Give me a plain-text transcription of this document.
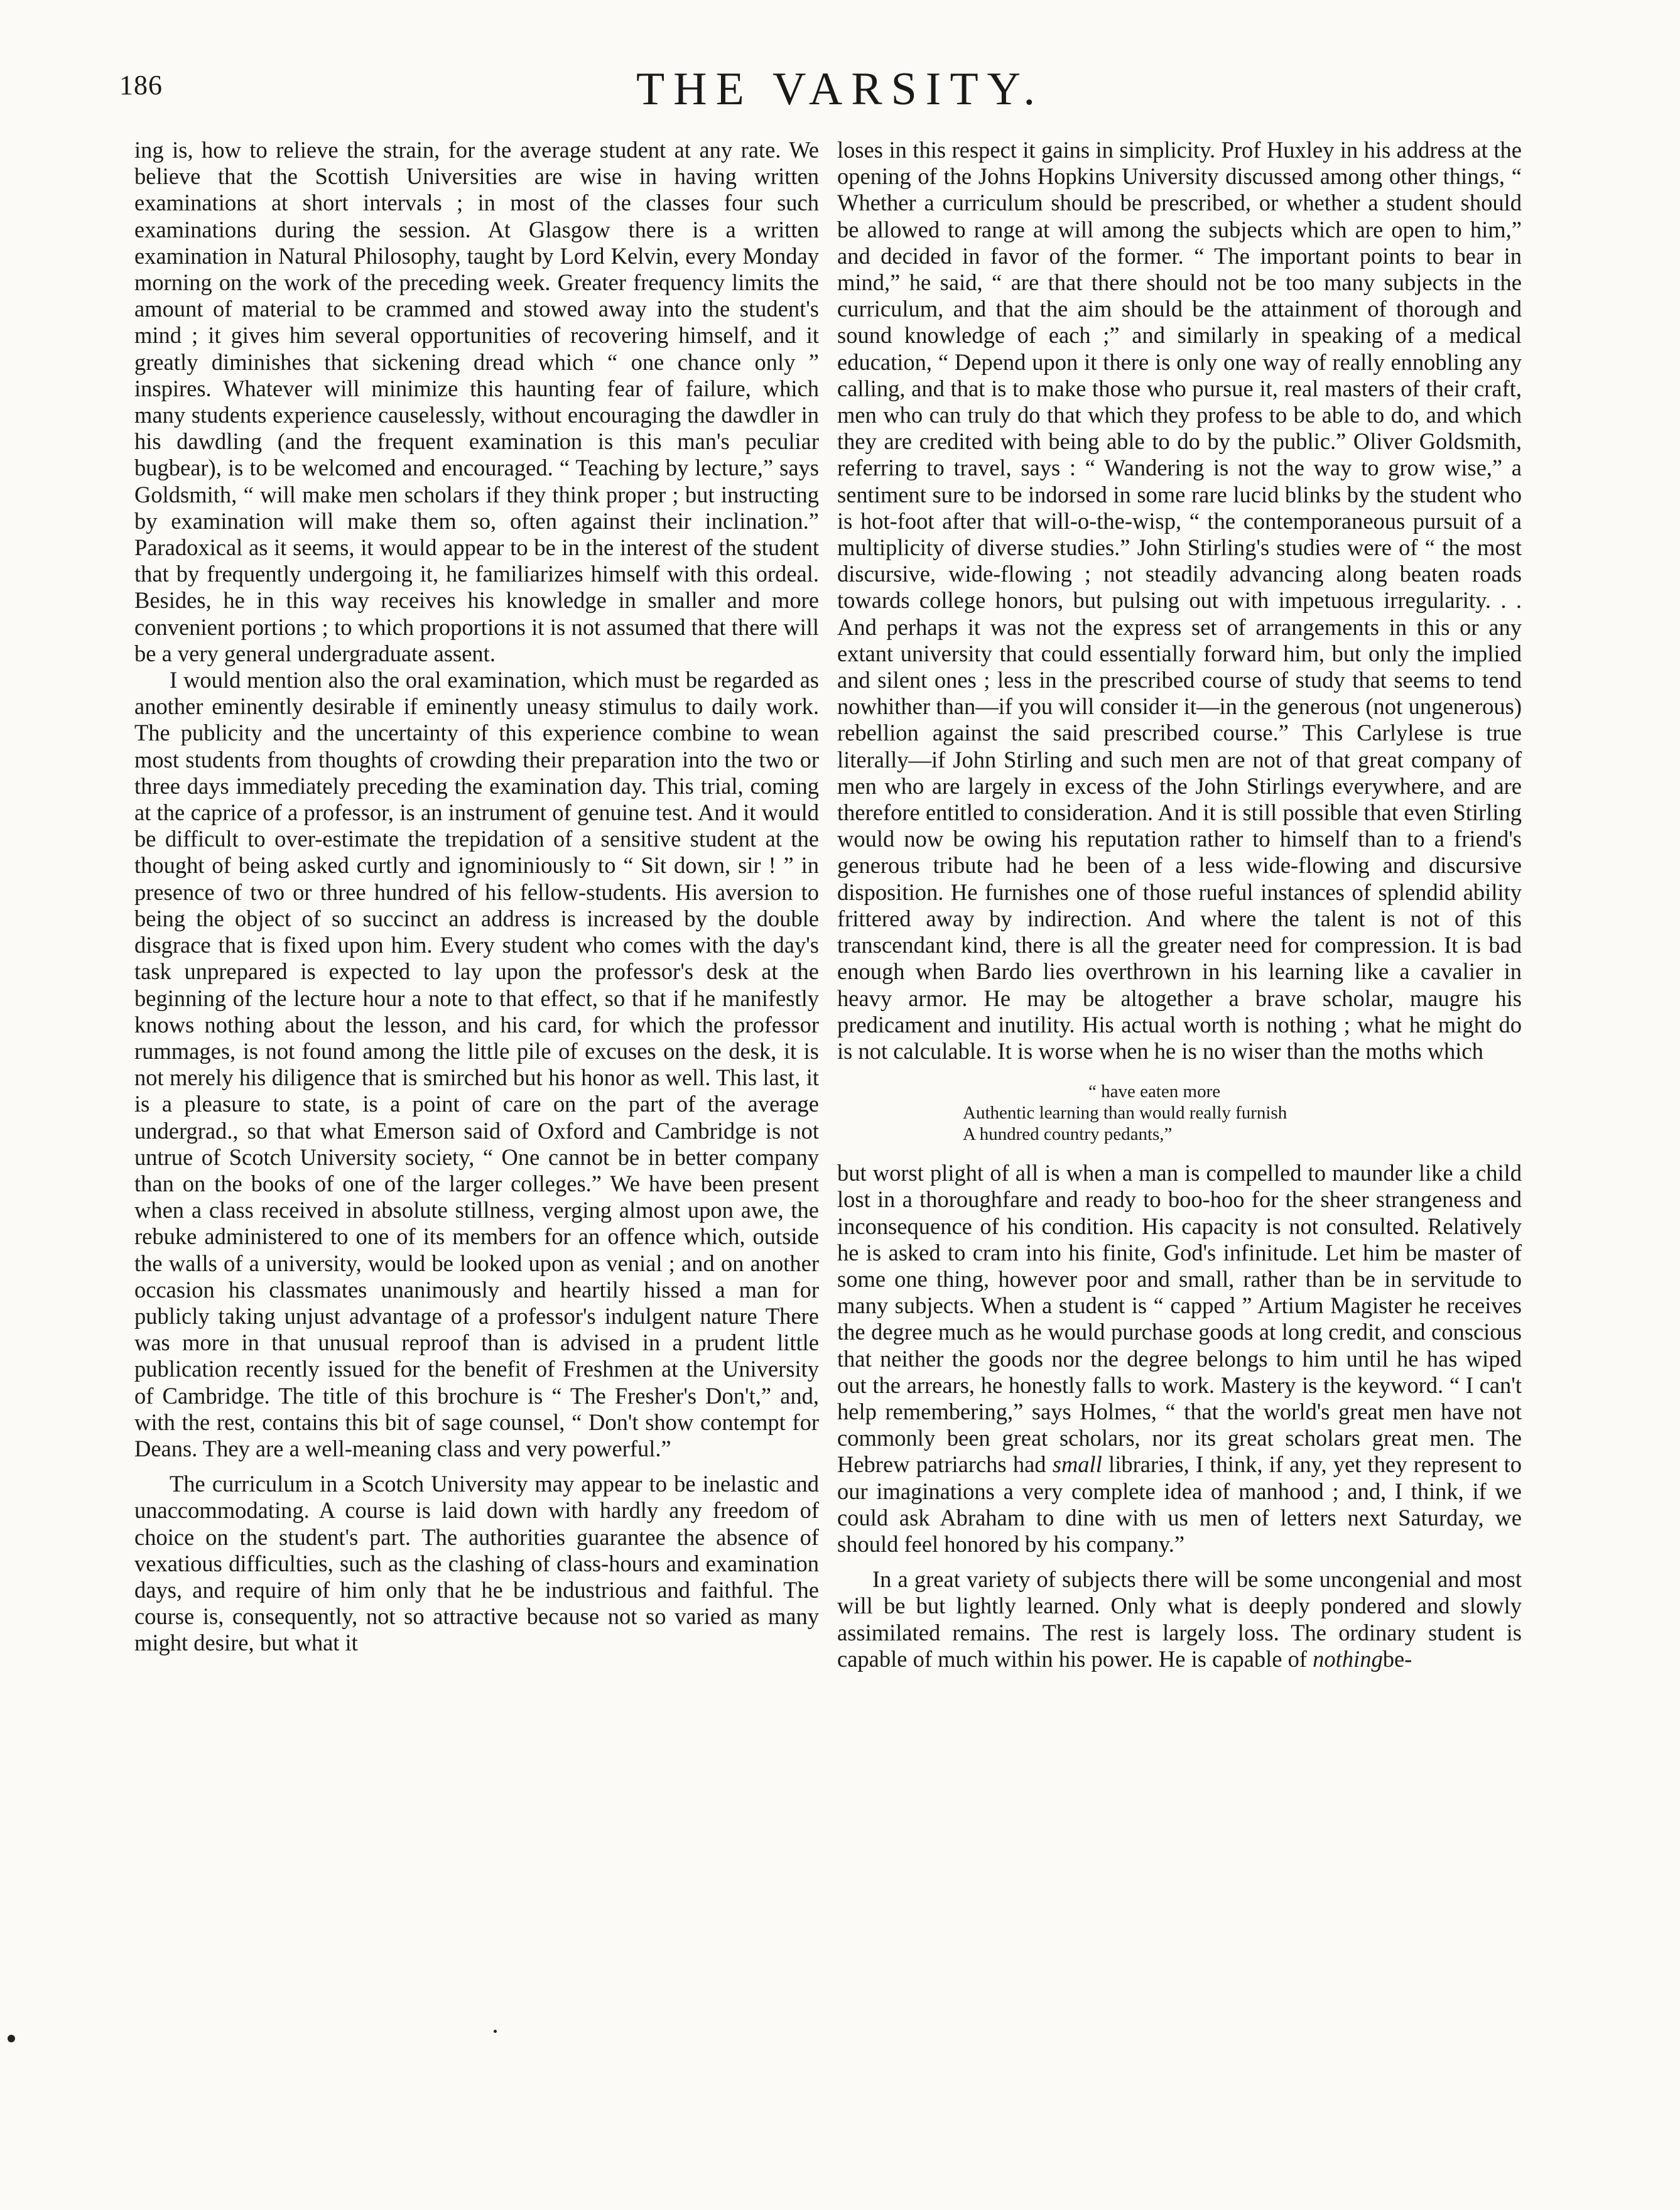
186	THE VARSITY.

ing is, how to relieve the strain, for the average student at any rate. We believe that the Scottish Universities are wise in having written examinations at short intervals ; in most of the classes four such examinations during the session. At Glasgow there is a written examination in Natural Philosophy, taught by Lord Kelvin, every Monday morning on the work of the preceding week. Greater frequency limits the amount of material to be crammed and stowed away into the student's mind ; it gives him several opportunities of recovering himself, and it greatly diminishes that sickening dread which “ one chance only ” inspires. Whatever will minimize this haunting fear of failure, which many students experience causelessly, without encouraging the dawdler in his dawdling (and the frequent examination is this man's peculiar bugbear), is to be welcomed and encouraged. “ Teaching by lecture,” says Goldsmith, “ will make men scholars if they think proper ; but instructing by examination will make them so, often against their inclination.” Paradoxical as it seems, it would appear to be in the interest of the student that by frequently undergoing it, he familiarizes himself with this ordeal. Besides, he in this way receives his knowledge in smaller and more convenient portions ; to which proportions it is not assumed that there will be a very general undergraduate assent.

I would mention also the oral examination, which must be regarded as another eminently desirable if eminently uneasy stimulus to daily work. The publicity and the uncertainty of this experience combine to wean most students from thoughts of crowding their preparation into the two or three days immediately preceding the examination day. This trial, coming at the caprice of a professor, is an instrument of genuine test. And it would be difficult to over-estimate the trepidation of a sensitive student at the thought of being asked curtly and ignominiously to “ Sit down, sir ! ” in presence of two or three hundred of his fellow-students. His aversion to being the object of so succinct an address is increased by the double disgrace that is fixed upon him. Every student who comes with the day's task unprepared is expected to lay upon the professor's desk at the beginning of the lecture hour a note to that effect, so that if he manifestly knows nothing about the lesson, and his card, for which the professor rummages, is not found among the little pile of excuses on the desk, it is not merely his diligence that is smirched but his honor as well. This last, it is a pleasure to state, is a point of care on the part of the average undergrad., so that what Emerson said of Oxford and Cambridge is not untrue of Scotch University society, “ One cannot be in better company than on the books of one of the larger colleges.” We have been present when a class received in absolute stillness, verging almost upon awe, the rebuke administered to one of its members for an offence which, outside the walls of a university, would be looked upon as venial ; and on another occasion his classmates unanimously and heartily hissed a man for publicly taking unjust advantage of a professor's indulgent nature There was more in that unusual reproof than is advised in a prudent little publication recently issued for the benefit of Freshmen at the University of Cambridge. The title of this brochure is “ The Fresher's Don't,” and, with the rest, contains this bit of sage counsel, “ Don't show contempt for Deans. They are a well-meaning class and very powerful.”

The curriculum in a Scotch University may appear to be inelastic and unaccommodating. A course is laid down with hardly any freedom of choice on the student's part. The authorities guarantee the absence of vexatious difficulties, such as the clashing of class-hours and examination days, and require of him only that he be industrious and faithful. The course is, consequently, not so attractive because not so varied as many might desire, but what it

loses in this respect it gains in simplicity. Prof Huxley in his address at the opening of the Johns Hopkins University discussed among other things, “ Whether a curriculum should be prescribed, or whether a student should be allowed to range at will among the subjects which are open to him,” and decided in favor of the former. “ The important points to bear in mind,” he said, “ are that there should not be too many subjects in the curriculum, and that the aim should be the attainment of thorough and sound knowledge of each ;” and similarly in speaking of a medical education, “ Depend upon it there is only one way of really ennobling any calling, and that is to make those who pursue it, real masters of their craft, men who can truly do that which they profess to be able to do, and which they are credited with being able to do by the public.” Oliver Goldsmith, referring to travel, says : “ Wandering is not the way to grow wise,” a sentiment sure to be indorsed in some rare lucid blinks by the student who is hot-foot after that will-o-the-wisp, “ the contemporaneous pursuit of a multiplicity of diverse studies.” John Stirling's studies were of “ the most discursive, wide-flowing ; not steadily advancing along beaten roads towards college honors, but pulsing out with impetuous irregularity. . . And perhaps it was not the express set of arrangements in this or any extant university that could essentially forward him, but only the implied and silent ones ; less in the prescribed course of study that seems to tend nowhither than—if you will consider it—in the generous (not ungenerous) rebellion against the said prescribed course.” This Carlylese is true literally—if John Stirling and such men are not of that great company of men who are largely in excess of the John Stirlings everywhere, and are therefore entitled to consideration. And it is still possible that even Stirling would now be owing his reputation rather to himself than to a friend's generous tribute had he been of a less wide-flowing and discursive disposition. He furnishes one of those rueful instances of splendid ability frittered away by indirection. And where the talent is not of this transcendant kind, there is all the greater need for compression. It is bad enough when Bardo lies overthrown in his learning like a cavalier in heavy armor. He may be altogether a brave scholar, maugre his predicament and inutility. His actual worth is nothing ; what he might do is not calculable. It is worse when he is no wiser than the moths which

“ have eaten more
Authentic learning than would really furnish
A hundred country pedants,”

but worst plight of all is when a man is compelled to maunder like a child lost in a thoroughfare and ready to boo-hoo for the sheer strangeness and inconsequence of his condition. His capacity is not consulted. Relatively he is asked to cram into his finite, God's infinitude. Let him be master of some one thing, however poor and small, rather than be in servitude to many subjects. When a student is “ capped ” Artium Magister he receives the degree much as he would purchase goods at long credit, and conscious that neither the goods nor the degree belongs to him until he has wiped out the arrears, he honestly falls to work. Mastery is the keyword. “ I can't help remembering,” says Holmes, “ that the world's great men have not commonly been great scholars, nor its great scholars great men. The Hebrew patriarchs had small libraries, I think, if any, yet they represent to our imaginations a very complete idea of manhood ; and, I think, if we could ask Abraham to dine with us men of letters next Saturday, we should feel honored by his company.”

In a great variety of subjects there will be some uncongenial and most will be but lightly learned. Only what is deeply pondered and slowly assimilated remains. The rest is largely loss. The ordinary student is capable of much within his power. He is capable of nothingbe-
